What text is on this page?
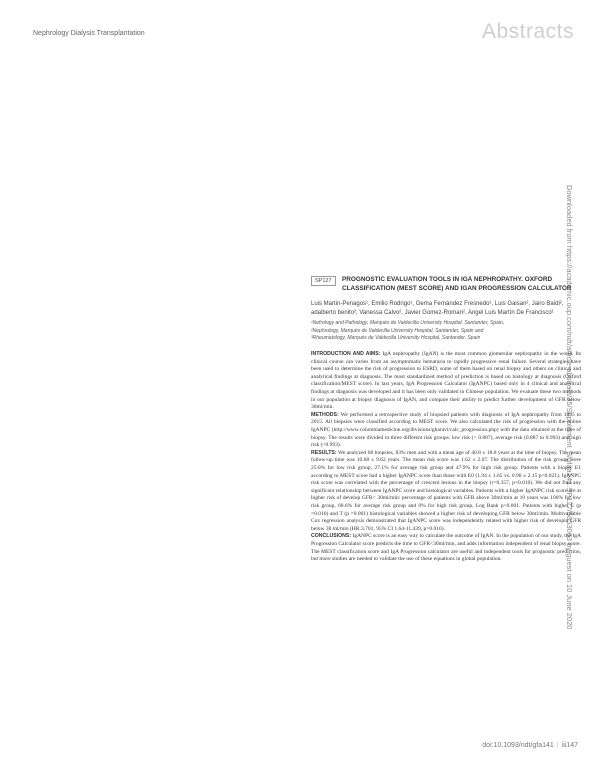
Nephrology Dialysis Transplantation	Abstracts
Downloaded from https://academic.oup.com/ndt/article-abstract/35/Supplement_3/gfaa141.SP127/5853063 by guest on 10 June 2020
SP127	PROGNOSTIC EVALUATION TOOLS IN IGA NEPHROPATHY. OXFORD CLASSIFICATION (MEST SCORE) AND IGAN PROGRESSION CALCULATOR
Luis Martin-Penagos¹, Emilio Rodrigo¹, Gema Fernández Fresnedo¹, Luis Gaisan², Jairo Baldi², adalberto benito², Vanessa Calvo², Javier Gomez-Roman², Angel Luis Martín De Francisco¹
¹Nefrology and Pathology, Marqués de Valdecilla University Hospital, Santander, Spain,
²Nephrology, Marqués de Valdecilla University Hospital, Santander, Spain and
³Rheumatology, Marqués de Valdecilla University Hospital, Santander, Spain
INTRODUCTION AND AIMS: IgA nephropathy (IgAN) is the most common glomerular nephropathy in the world. Its clinical course can varies from an asymptomatic hematuria to rapidly progressive renal failure. Several strategies have been used to determine the risk of progression to ESRD, some of them based on renal biopsy and others on clinical and analytical findings at diagnosis. The most standardized method of prediction is based on histology at diagnosis (Oxford classification/MEST score). In last years, IgA Progression Calculator (IgANPC) based only in 4 clinical and analytical findings at diagnosis was developed and it has been only validated in Chinese population. We evaluate these two methods in our population at biopsy diagnosis of IgAN, and compare their ability to predict further development of GFR below 30ml/min.
METHODS: We performed a retrospective study of biopsied patients with diagnosis of IgA nephropathy from 1995 to 2015. All biopsies were classified according to MEST score. We also calculated the risk of progression with the online IgANPC (http://www.columbiamedicine.org/divisions/gharavi/calc_progression.php) with the data obtained at the time of biopsy. The results were divided in three different risk groups: low risk (< 0.887), average risk (0.887 to 0.993) and high risk (>0.993).
RESULTS: We analyzed 68 biopsies, 83% men and with a mean age of 40.8 ± 18.8 years at the time of biopsy. The mean follow-up time was 10.68 ± 9.62 years. The mean risk score was 1.62 ± 2.07. The distribution of the risk groups were 25.0% for low risk group, 27.1% for average risk group and 47.9% for high risk group. Patients with a biopsy E1 according to MEST score had a higher IgANPC score than those with E0 (1.94 ± 1.65 vs. 0.90 ± 2.15 p=0.021). IgANPC risk score was correlated with the percentage of crescent lesions in the biopsy (r=0.357, p=0.010). We did not find any significant relationship between IgANPC score and histological variables. Patients with a higher IgANPC risk score are at higher risk of develop GFR< 30ml/min: percentage of patients with GFR above 30ml/min at 10 years was 100% for low risk group, 68.6% for average risk group and 0% for high risk group, Log Rank p<0.001. Patients with higher E (p =0.016) and T (p =0.001) histological variables showed a higher risk of developing GFR below 30ml/min. Multivariable Cox regression analysis demonstrated that IgANPC score was independently related with higher risk of developin GFR below 30 ml/min (HR:3.701, 95% CI 1.64-11.439, p=0.016).
CONCLUSIONS: IgANPC score is an easy way to calculate the outcome of IgAN. In the population of our study, the IgA Progression Calculator score predicts the time to GFR<30ml/min, and adds information independent of renal biopsy score. The MEST classification score and IgA Progression calculator are useful and independent tools for prognostic prediction, but more studies are needed to validate the use of these equations in global population.
doi:10.1093/ndt/gfa141 | iii147
